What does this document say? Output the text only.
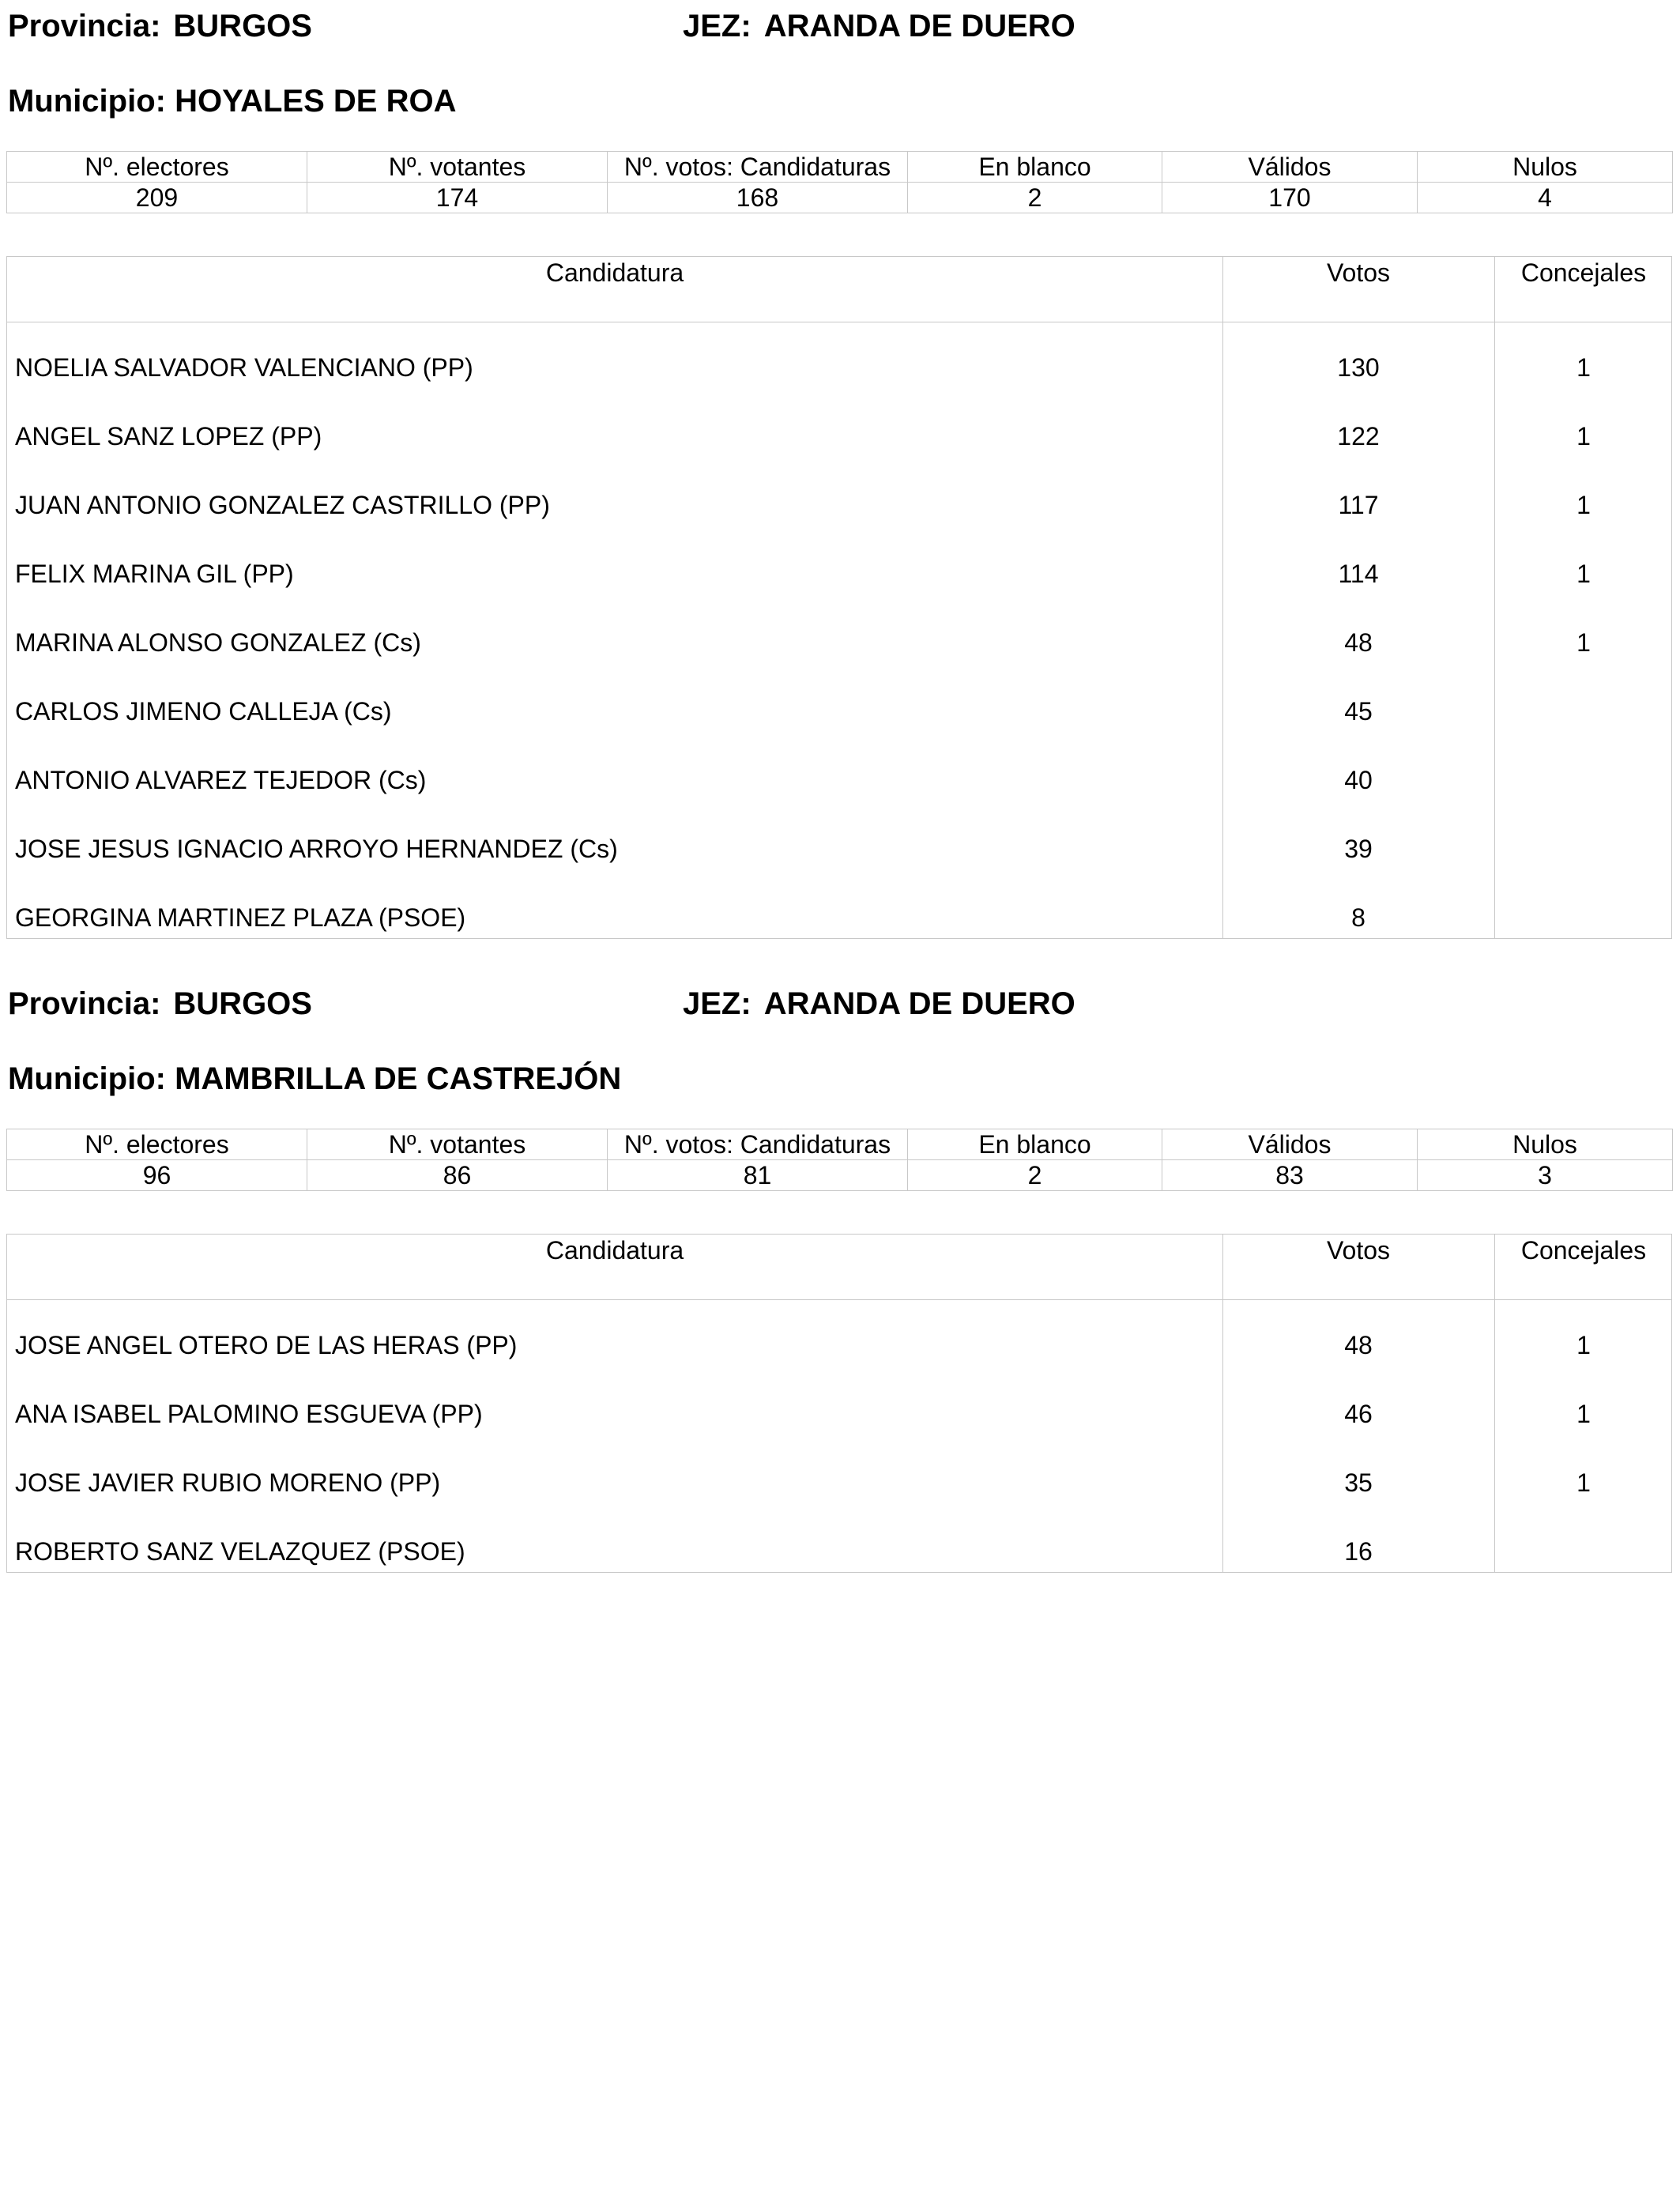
Provincia: BURGOS	JEZ: ARANDA DE DUERO
Municipio: HOYALES DE ROA
Nº. electores	Nº. votantes	Nº. votos: Candidaturas	En blanco	Válidos	Nulos
209	174	168	2	170	4
Candidatura	Votos	Concejales
NOELIA SALVADOR VALENCIANO (PP)	130	1
ANGEL SANZ LOPEZ (PP)	122	1
JUAN ANTONIO GONZALEZ CASTRILLO (PP)	117	1
FELIX MARINA GIL (PP)	114	1
MARINA ALONSO GONZALEZ (Cs)	48	1
CARLOS JIMENO CALLEJA (Cs)	45
ANTONIO ALVAREZ TEJEDOR (Cs)	40
JOSE JESUS IGNACIO ARROYO HERNANDEZ (Cs)	39
GEORGINA MARTINEZ PLAZA (PSOE)	8
Provincia: BURGOS	JEZ: ARANDA DE DUERO
Municipio: MAMBRILLA DE CASTREJÓN
Nº. electores	Nº. votantes	Nº. votos: Candidaturas	En blanco	Válidos	Nulos
96	86	81	2	83	3
Candidatura	Votos	Concejales
JOSE ANGEL OTERO DE LAS HERAS (PP)	48	1
ANA ISABEL PALOMINO ESGUEVA (PP)	46	1
JOSE JAVIER RUBIO MORENO (PP)	35	1
ROBERTO SANZ VELAZQUEZ (PSOE)	16
